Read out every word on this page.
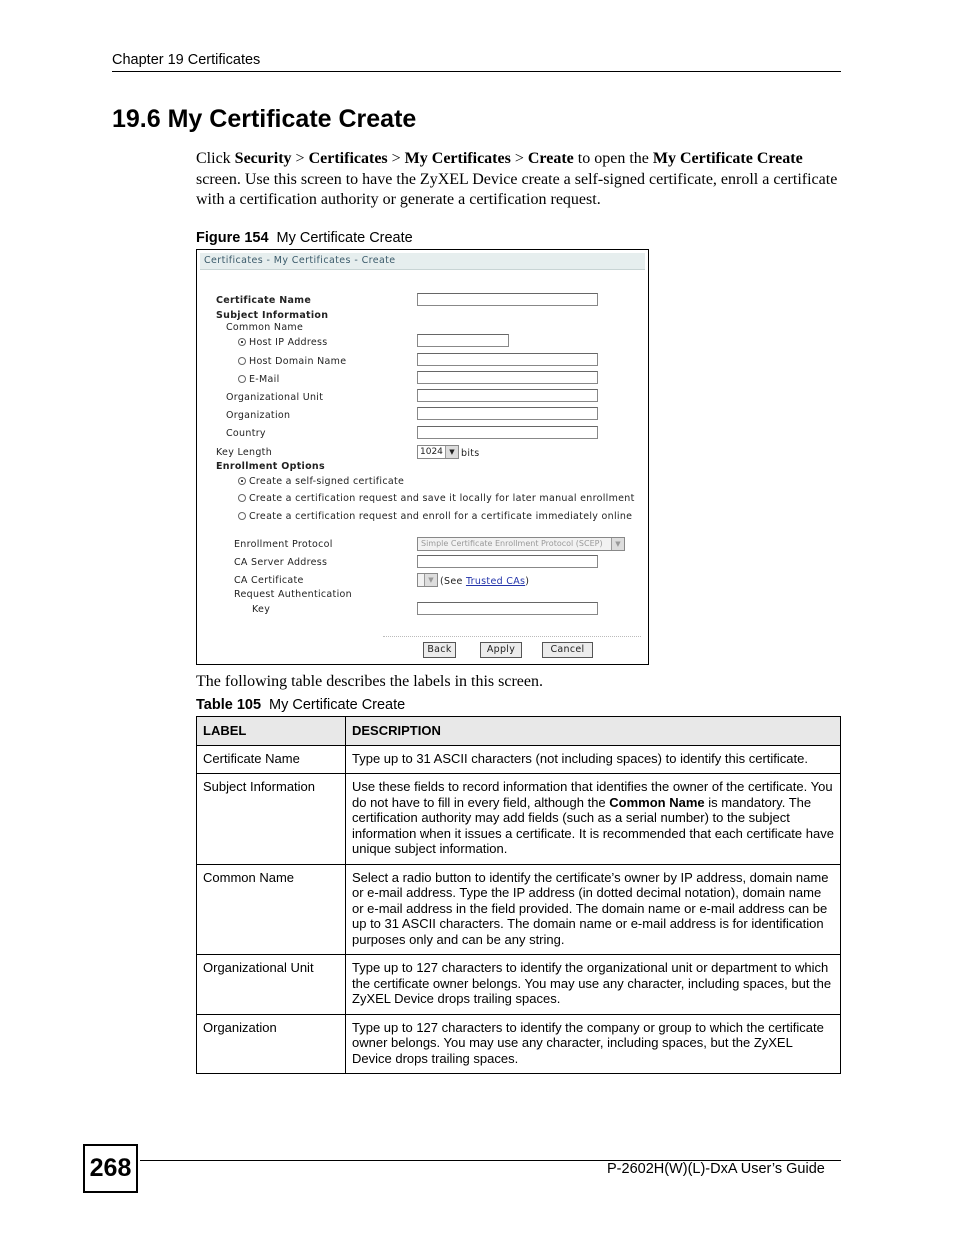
Chapter 19 Certificates
19.6 My Certificate Create
Click Security > Certificates > My Certificates > Create to open the My Certificate Create screen. Use this screen to have the ZyXEL Device create a self-signed certificate, enroll a certificate with a certification authority or generate a certification request.
Figure 154 My Certificate Create
Certificates - My Certificates - Create
Certificate Name
Subject Information
Common Name
Host IP Address
Host Domain Name
E-Mail
Organizational Unit
Organization
Country
Key Length	1024 ▼ bits
Enrollment Options
Create a self-signed certificate
Create a certification request and save it locally for later manual enrollment
Create a certification request and enroll for a certificate immediately online
Enrollment Protocol	Simple Certificate Enrollment Protocol (SCEP)	▼
CA Server Address
CA Certificate	▼ (See Trusted CAs)
Request Authentication
Key
Back	Apply	Cancel
The following table describes the labels in this screen.
Table 105 My Certificate Create
LABEL	DESCRIPTION
Certificate Name	Type up to 31 ASCII characters (not including spaces) to identify this certificate.
Subject Information	Use these fields to record information that identifies the owner of the certificate. You do not have to fill in every field, although the Common Name is mandatory. The certification authority may add fields (such as a serial number) to the subject information when it issues a certificate. It is recommended that each certificate have unique subject information.
Common Name	Select a radio button to identify the certificate’s owner by IP address, domain name or e-mail address. Type the IP address (in dotted decimal notation), domain name or e-mail address in the field provided. The domain name or e-mail address can be up to 31 ASCII characters. The domain name or e-mail address is for identification purposes only and can be any string.
Organizational Unit	Type up to 127 characters to identify the organizational unit or department to which the certificate owner belongs. You may use any character, including spaces, but the ZyXEL Device drops trailing spaces.
Organization	Type up to 127 characters to identify the company or group to which the certificate owner belongs. You may use any character, including spaces, but the ZyXEL Device drops trailing spaces.
268	P-2602H(W)(L)-DxA User’s Guide
